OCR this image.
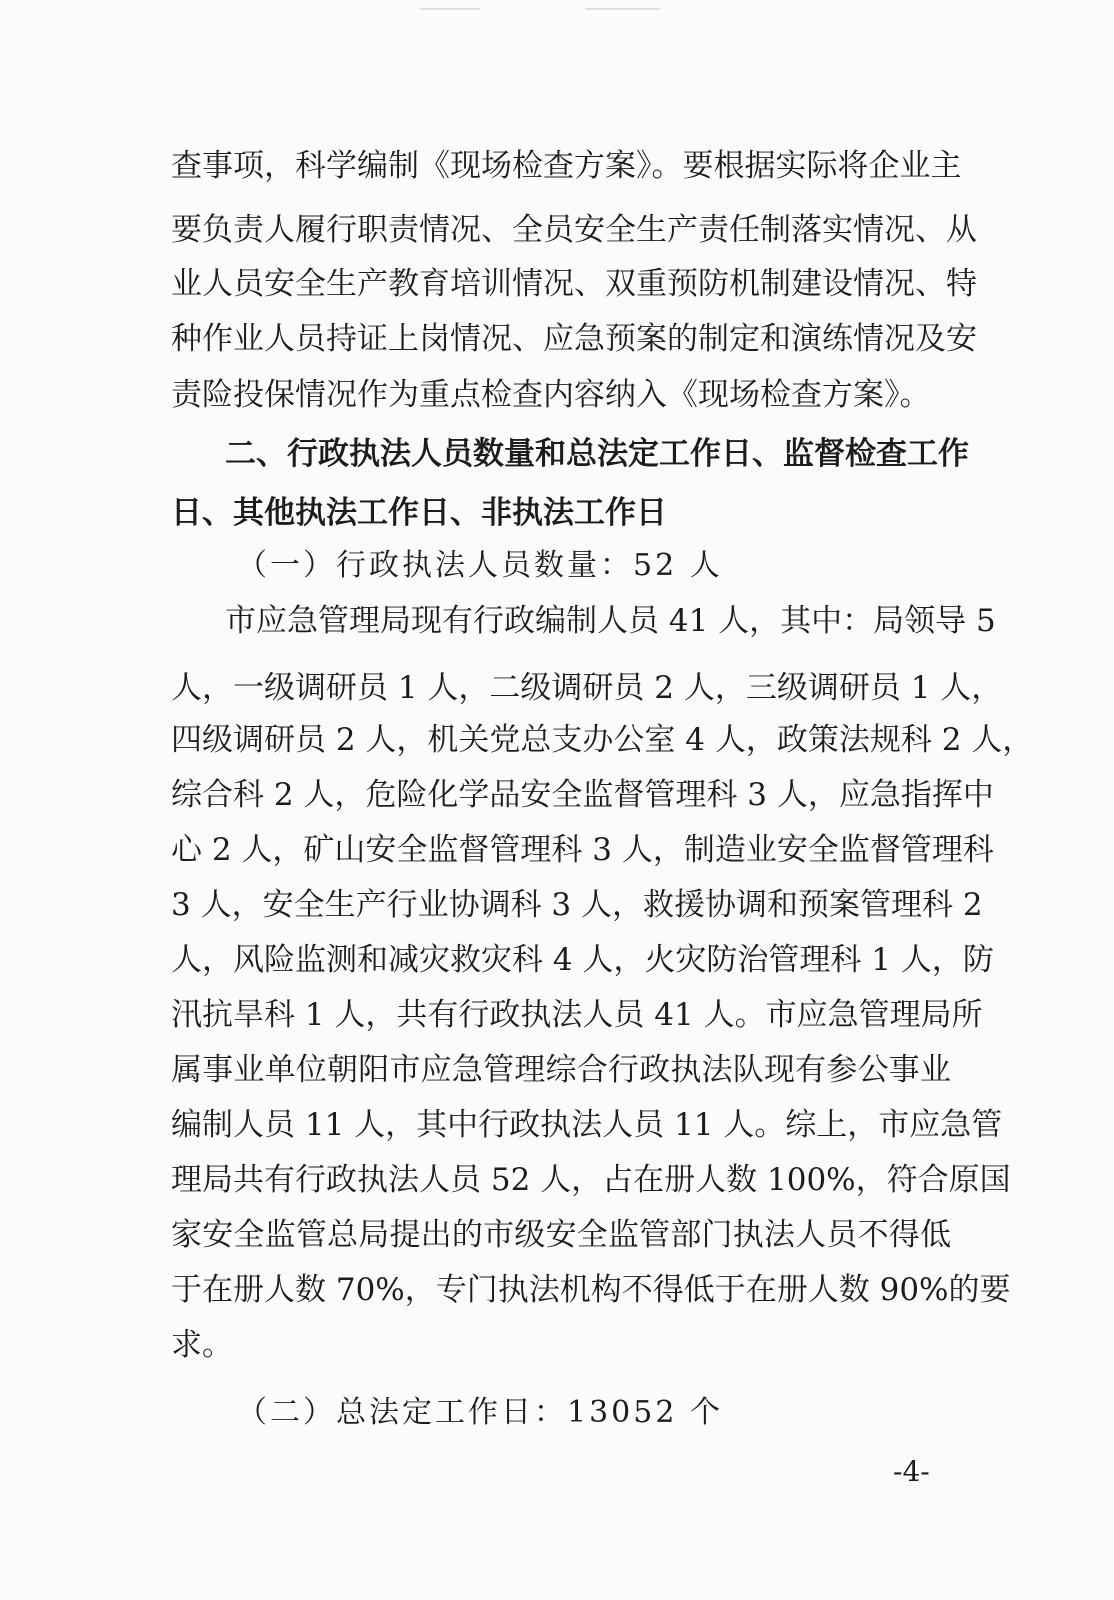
查事项，科学编制《现场检查方案》。要根据实际将企业主
要负责人履行职责情况、全员安全生产责任制落实情况、从
业人员安全生产教育培训情况、双重预防机制建设情况、特
种作业人员持证上岗情况、应急预案的制定和演练情况及安
责险投保情况作为重点检查内容纳入《现场检查方案》。
二、行政执法人员数量和总法定工作日、监督检查工作
日、其他执法工作日、非执法工作日
（一）行政执法人员数量：52 人
市应急管理局现有行政编制人员 41 人，其中：局领导 5
人，一级调研员 1 人，二级调研员 2 人，三级调研员 1 人，
四级调研员 2 人，机关党总支办公室 4 人，政策法规科 2 人，
综合科 2 人，危险化学品安全监督管理科 3 人，应急指挥中
心 2 人，矿山安全监督管理科 3 人，制造业安全监督管理科
3 人，安全生产行业协调科 3 人，救援协调和预案管理科 2
人，风险监测和减灾救灾科 4 人，火灾防治管理科 1 人，防
汛抗旱科 1 人，共有行政执法人员 41 人。市应急管理局所
属事业单位朝阳市应急管理综合行政执法队现有参公事业
编制人员 11 人，其中行政执法人员 11 人。综上，市应急管
理局共有行政执法人员 52 人，占在册人数 100%，符合原国
家安全监管总局提出的市级安全监管部门执法人员不得低
于在册人数 70%，专门执法机构不得低于在册人数 90%的要
求。
（二）总法定工作日：13052 个
-4-
